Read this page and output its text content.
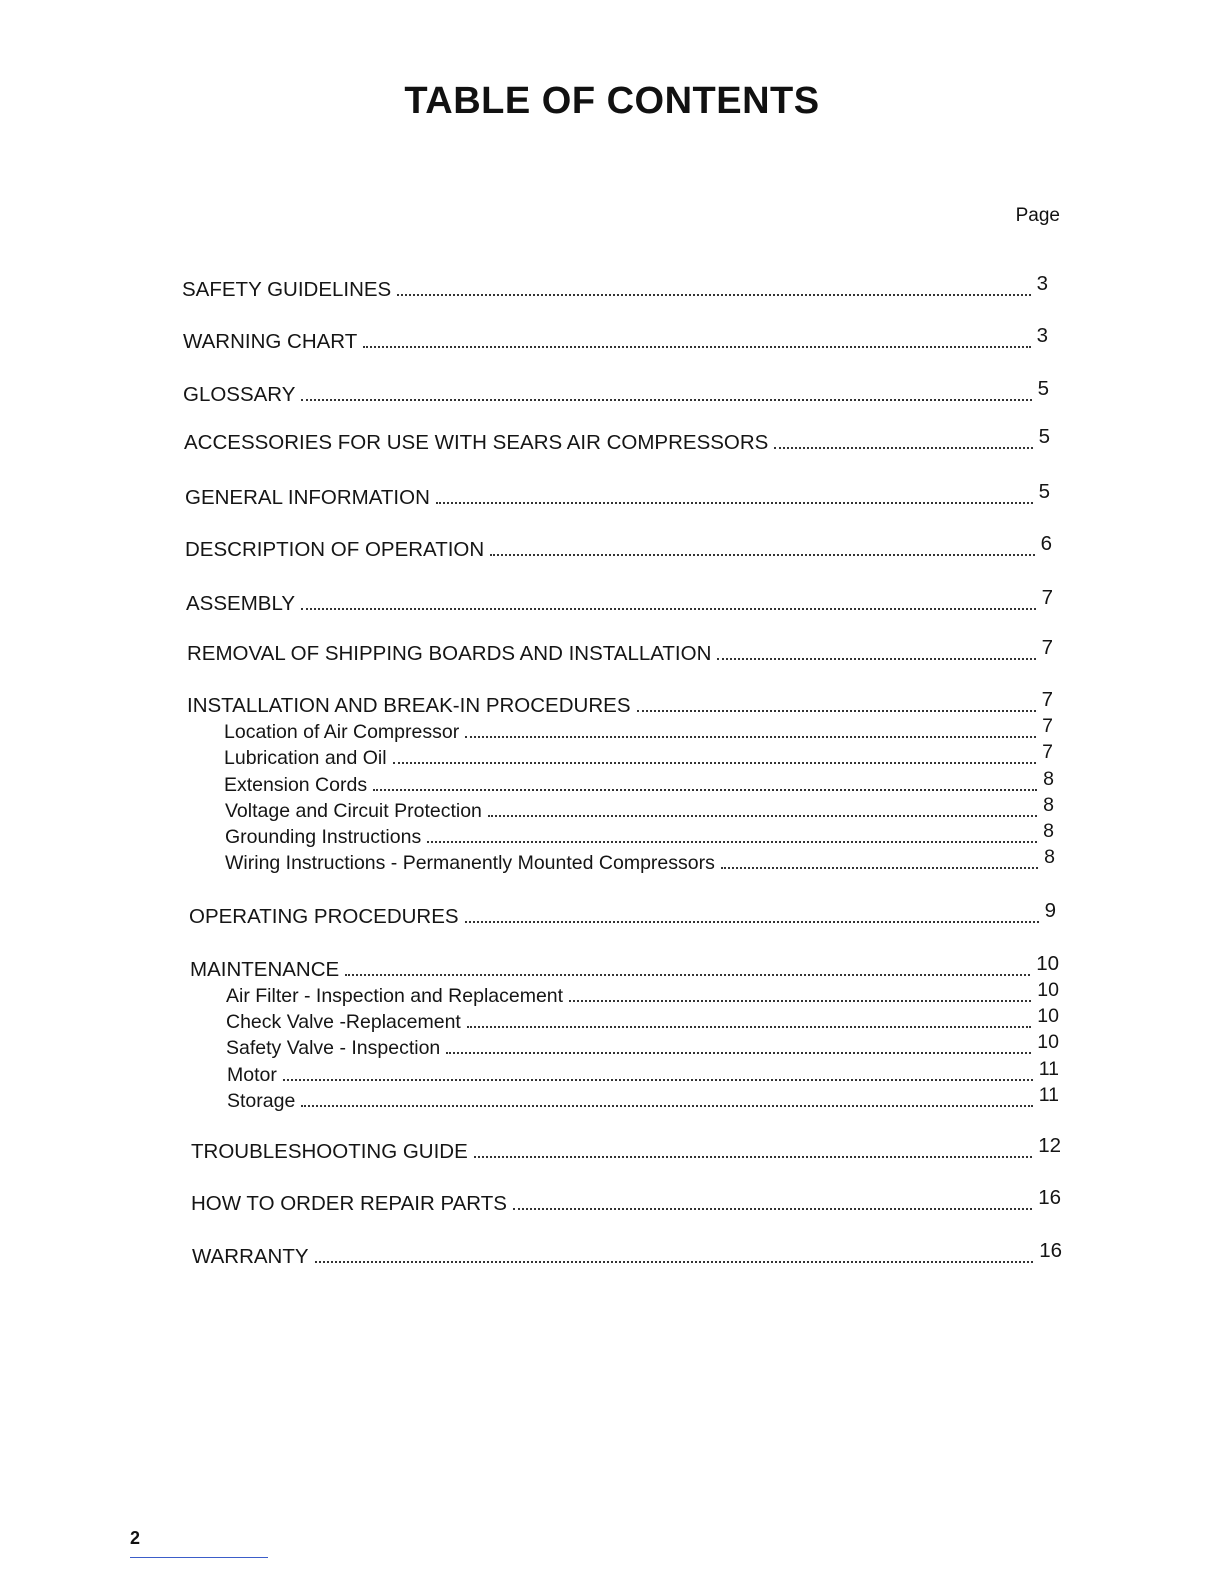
TABLE OF CONTENTS
Page
SAFETY GUIDELINES	3
WARNING CHART	3
GLOSSARY	5
ACCESSORIES FOR USE WITH SEARS AIR COMPRESSORS	5
GENERAL INFORMATION	5
DESCRIPTION OF OPERATION	6
ASSEMBLY	7
REMOVAL OF SHIPPING BOARDS AND INSTALLATION	7
INSTALLATION AND BREAK-IN PROCEDURES	7
Location of Air Compressor	7
Lubrication and Oil	7
Extension Cords	8
Voltage and Circuit Protection	8
Grounding Instructions	8
Wiring Instructions - Permanently Mounted Compressors	8
OPERATING PROCEDURES	9
MAINTENANCE	10
Air Filter - Inspection and Replacement	10
Check Valve -Replacement	10
Safety Valve - Inspection	10
Motor	11
Storage	11
TROUBLESHOOTING GUIDE	12
HOW TO ORDER REPAIR PARTS	16
WARRANTY	16
2
